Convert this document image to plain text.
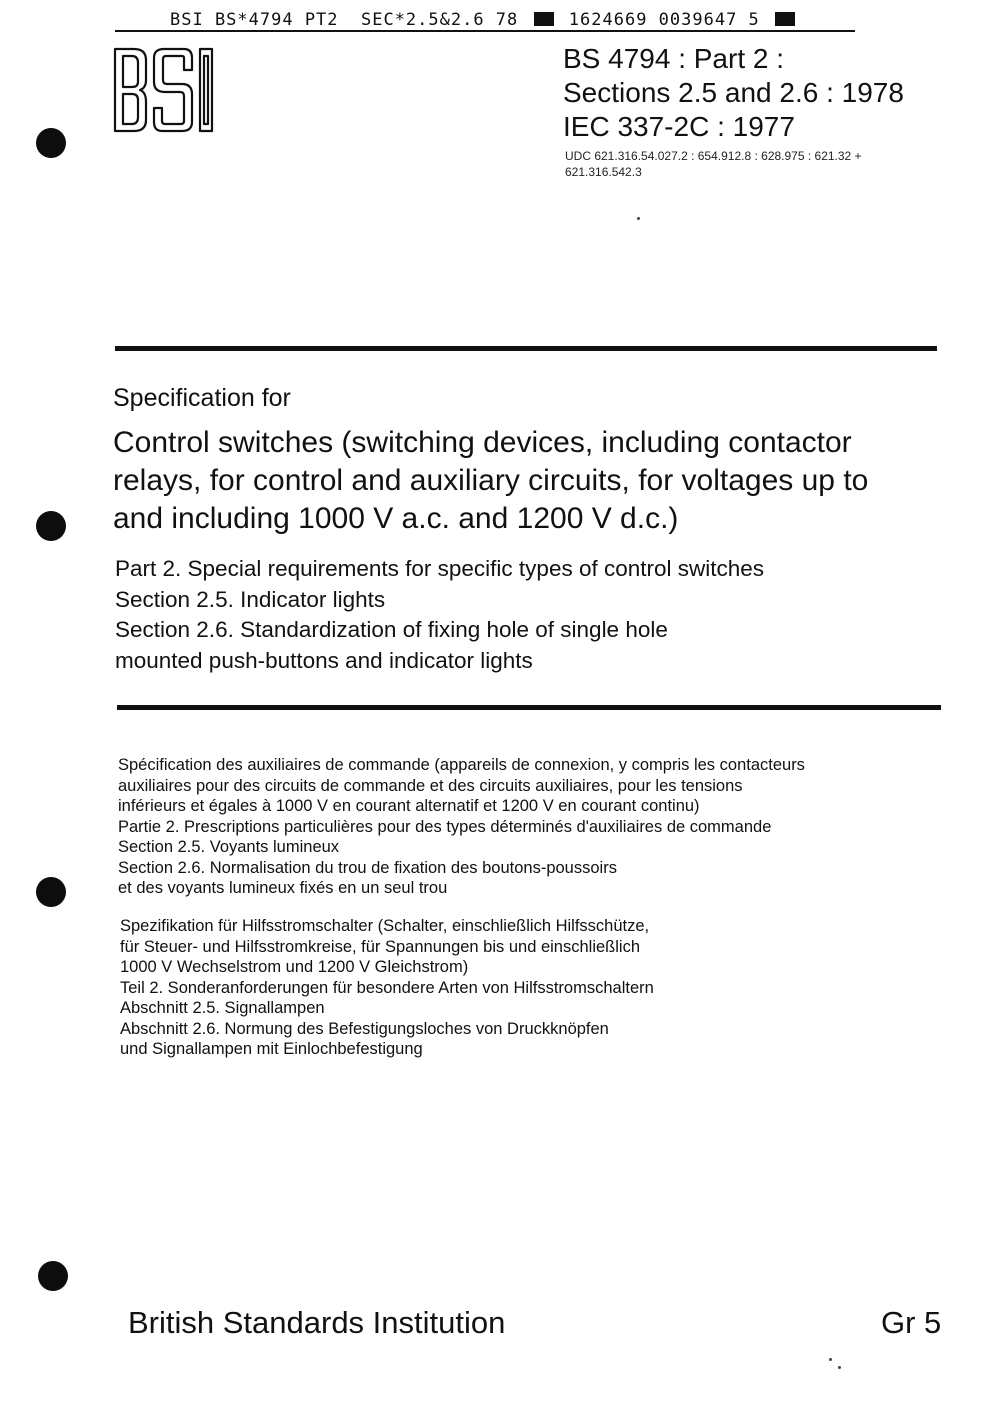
BSI BS*4794 PT2  SEC*2.5&2.6 78	1624669 0039647 5
BS 4794 : Part 2 :
Sections 2.5 and 2.6 : 1978
IEC 337-2C : 1977
UDC 621.316.54.027.2 : 654.912.8 : 628.975 : 621.32 +
621.316.542.3
Specification for
Control switches (switching devices, including contactor
relays, for control and auxiliary circuits, for voltages up to
and including 1000 V a.c. and 1200 V d.c.)
Part 2. Special requirements for specific types of control switches
Section 2.5. Indicator lights
Section 2.6. Standardization of fixing hole of single hole
mounted push-buttons and indicator lights
Spécification des auxiliaires de commande (appareils de connexion, y compris les contacteurs
auxiliaires pour des circuits de commande et des circuits auxiliaires, pour les tensions
inférieurs et égales à 1000 V en courant alternatif et 1200 V en courant continu)
Partie 2. Prescriptions particulières pour des types déterminés d'auxiliaires de commande
Section 2.5. Voyants lumineux
Section 2.6. Normalisation du trou de fixation des boutons-poussoirs
et des voyants lumineux fixés en un seul trou
Spezifikation für Hilfsstromschalter (Schalter, einschließlich Hilfsschütze,
für Steuer- und Hilfsstromkreise, für Spannungen bis und einschließlich
1000 V Wechselstrom und 1200 V Gleichstrom)
Teil 2. Sonderanforderungen für besondere Arten von Hilfsstromschaltern
Abschnitt 2.5. Signallampen
Abschnitt 2.6. Normung des Befestigungsloches von Druckknöpfen
und Signallampen mit Einlochbefestigung
British Standards Institution	Gr 5
